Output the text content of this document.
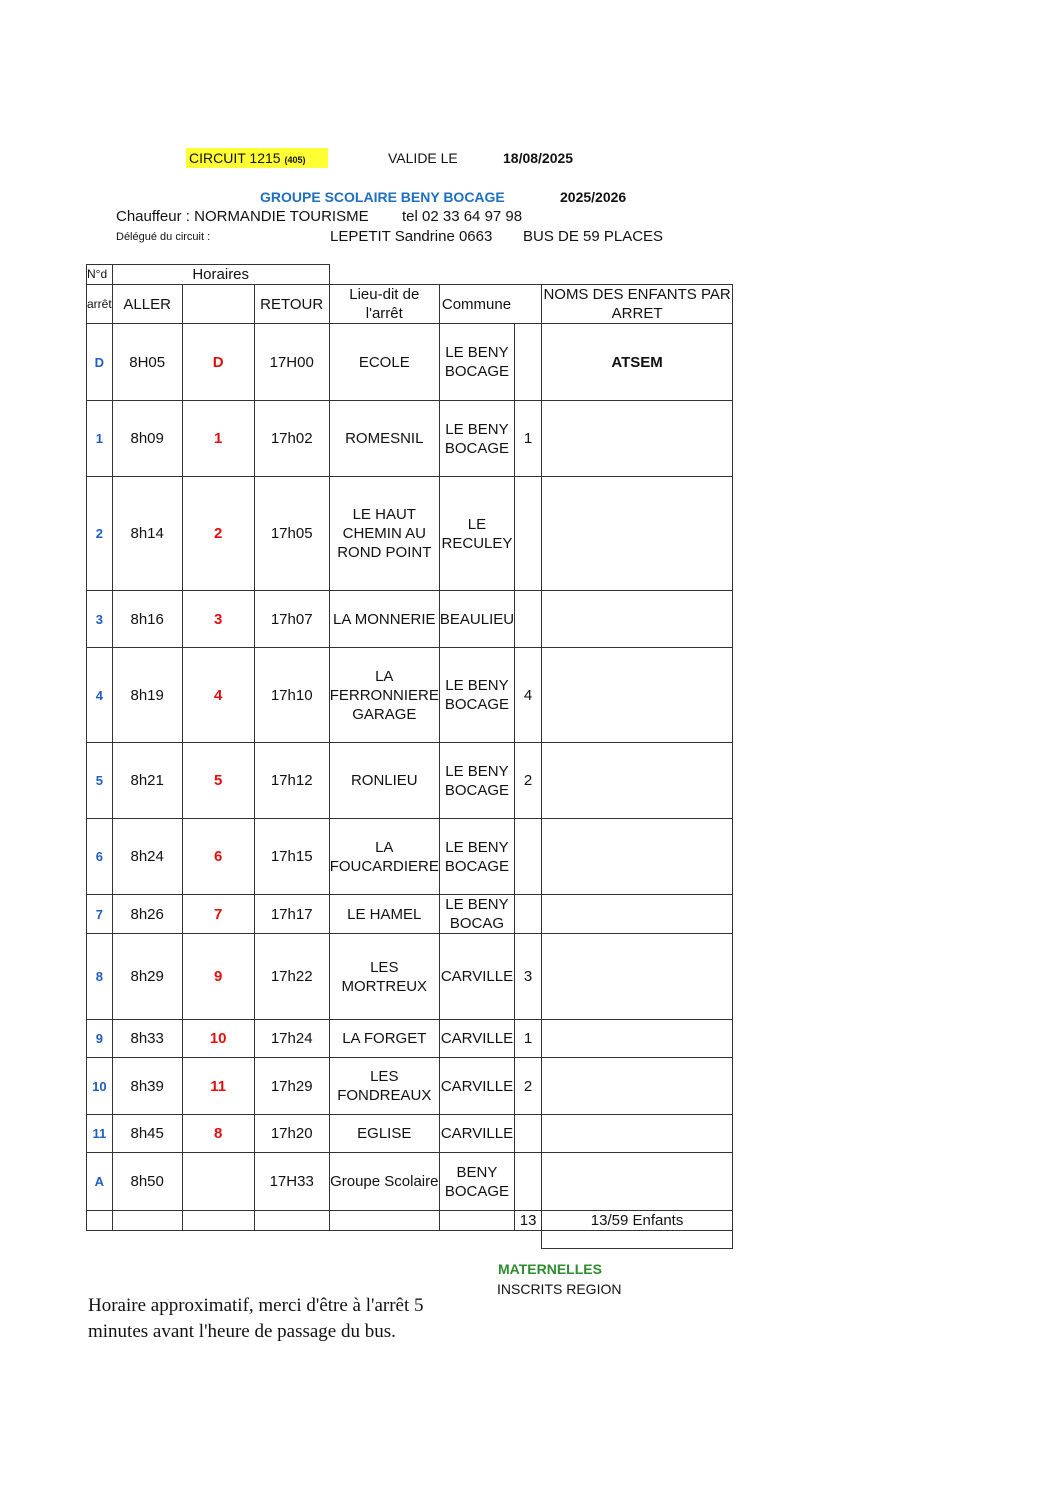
CIRCUIT 1215 (405)	VALIDE LE	18/08/2025
GROUPE SCOLAIRE BENY BOCAGE	2025/2026
Chauffeur : NORMANDIE TOURISME tel 02 33 64 97 98
Délégué du circuit :	LEPETIT Sandrine 0663	BUS DE 59 PLACES
N°d	Horaires						
arrêt	ALLER		RETOUR	Lieu-dit de l'arrêt	Commune		NOMS DES ENFANTS PAR ARRET
D	8H05	D	17H00	ECOLE	LE BENY BOCAGE		ATSEM
1	8h09	1	17h02	ROMESNIL	LE BENY BOCAGE	1	
2	8h14	2	17h05	LE HAUT CHEMIN AU ROND POINT	LE RECULEY		
3	8h16	3	17h07	LA MONNERIE	BEAULIEU		
4	8h19	4	17h10	LA FERRONNIERE GARAGE	LE BENY BOCAGE	4	
5	8h21	5	17h12	RONLIEU	LE BENY BOCAGE	2	
6	8h24	6	17h15	LA FOUCARDIERE	LE BENY BOCAGE		
7	8h26	7	17h17	LE HAMEL	LE BENY BOCAG		
8	8h29	9	17h22	LES MORTREUX	CARVILLE	3	
9	8h33	10	17h24	LA FORGET	CARVILLE	1	
10	8h39	11	17h29	LES FONDREAUX	CARVILLE	2	
11	8h45	8	17h20	EGLISE	CARVILLE		
A	8h50		17H33	Groupe Scolaire	BENY BOCAGE		
						13	13/59 Enfants

MATERNELLES
INSCRITS REGION
Horaire approximatif, merci d'être à l'arrêt 5 minutes avant l'heure de passage du bus.
